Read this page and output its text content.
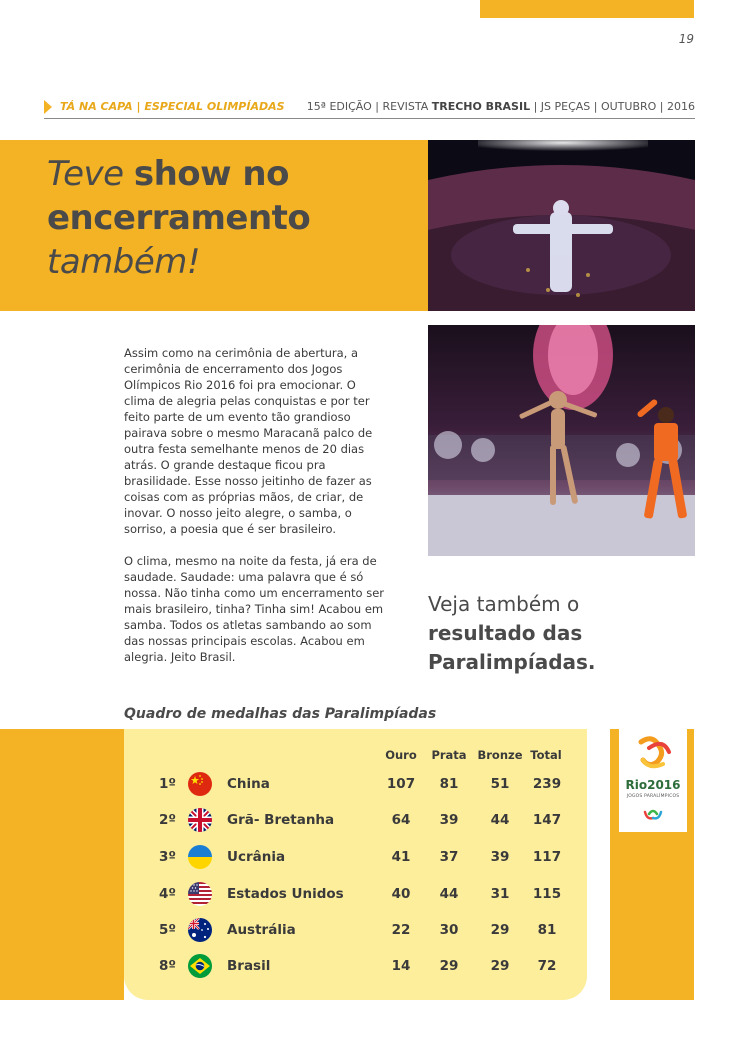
19
TÁ NA CAPA | ESPECIAL OLIMPÍADAS 15ª EDIÇÃO | REVISTA TRECHO BRASIL | JS PEÇAS | OUTUBRO | 2016
Teve show no
encerramento
também!

Assim como na cerimônia de abertura, a cerimônia de encerramento dos Jogos Olímpicos Rio 2016 foi pra emocionar. O clima de alegria pelas conquistas e por ter feito parte de um evento tão grandioso pairava sobre o mesmo Maracanã palco de outra festa semelhante menos de 20 dias atrás. O grande destaque ficou pra brasilidade. Esse nosso jeitinho de fazer as coisas com as próprias mãos, de criar, de inovar. O nosso jeito alegre, o samba, o sorriso, a poesia que é ser brasileiro.

O clima, mesmo na noite da festa, já era de saudade. Saudade: uma palavra que é só nossa. Não tinha como um encerramento ser mais brasileiro, tinha? Tinha sim! Acabou em samba. Todos os atletas sambando ao som das nossas principais escolas. Acabou em alegria. Jeito Brasil.

Veja também o
resultado das
Paralimpíadas.
Quadro de medalhas das Paralimpíadas
Rio2016
JOGOS PARALÍMPICOS
Ouro	Prata Bronze Total
1º	China	107	81	51	239
2º	Grã- Bretanha	64	39	44	147
3º	Ucrânia	41	37	39	117
4º	Estados Unidos	40	44	31	115
5º	Austrália	22	30	29	81
8º	Brasil	14	29	29	72
